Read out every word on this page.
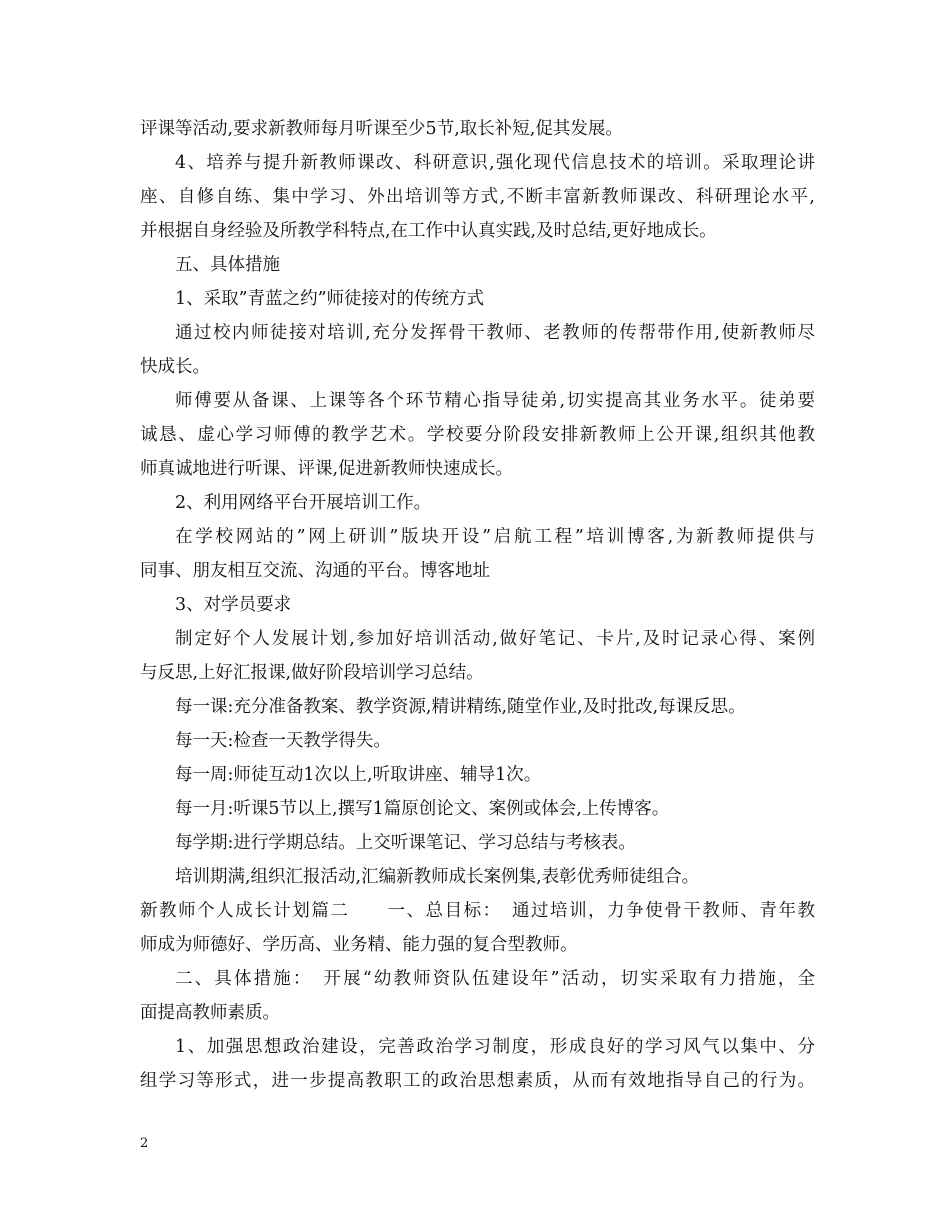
评课等活动,要求新教师每月听课至少5节,取长补短,促其发展。
4、培养与提升新教师课改、科研意识,强化现代信息技术的培训。采取理论讲
座、自修自练、集中学习、外出培训等方式,不断丰富新教师课改、科研理论水平,
并根据自身经验及所教学科特点,在工作中认真实践,及时总结,更好地成长。
五、具体措施
1、采取”青蓝之约”师徒接对的传统方式
通过校内师徒接对培训,充分发挥骨干教师、老教师的传帮带作用,使新教师尽
快成长。
师傅要从备课、上课等各个环节精心指导徒弟,切实提高其业务水平。徒弟要
诚恳、虚心学习师傅的教学艺术。学校要分阶段安排新教师上公开课,组织其他教
师真诚地进行听课、评课,促进新教师快速成长。
2、利用网络平台开展培训工作。
在学校网站的”网上研训”版块开设”启航工程”培训博客,为新教师提供与
同事、朋友相互交流、沟通的平台。博客地址
3、对学员要求
制定好个人发展计划,参加好培训活动,做好笔记、卡片,及时记录心得、案例
与反思,上好汇报课,做好阶段培训学习总结。
每一课:充分准备教案、教学资源,精讲精练,随堂作业,及时批改,每课反思。
每一天:检查一天教学得失。
每一周:师徒互动1次以上,听取讲座、辅导1次。
每一月:听课5节以上,撰写1篇原创论文、案例或体会,上传博客。
每学期:进行学期总结。上交听课笔记、学习总结与考核表。
培训期满,组织汇报活动,汇编新教师成长案例集,表彰优秀师徒组合。
新教师个人成长计划篇二　　一、总目标：　通过培训，力争使骨干教师、青年教
师成为师德好、学历高、业务精、能力强的复合型教师。
二、具体措施：　开展“幼教师资队伍建设年”活动，切实采取有力措施，全
面提高教师素质。
1、加强思想政治建设，完善政治学习制度，形成良好的学习风气以集中、分
组学习等形式，进一步提高教职工的政治思想素质，从而有效地指导自己的行为。
2
